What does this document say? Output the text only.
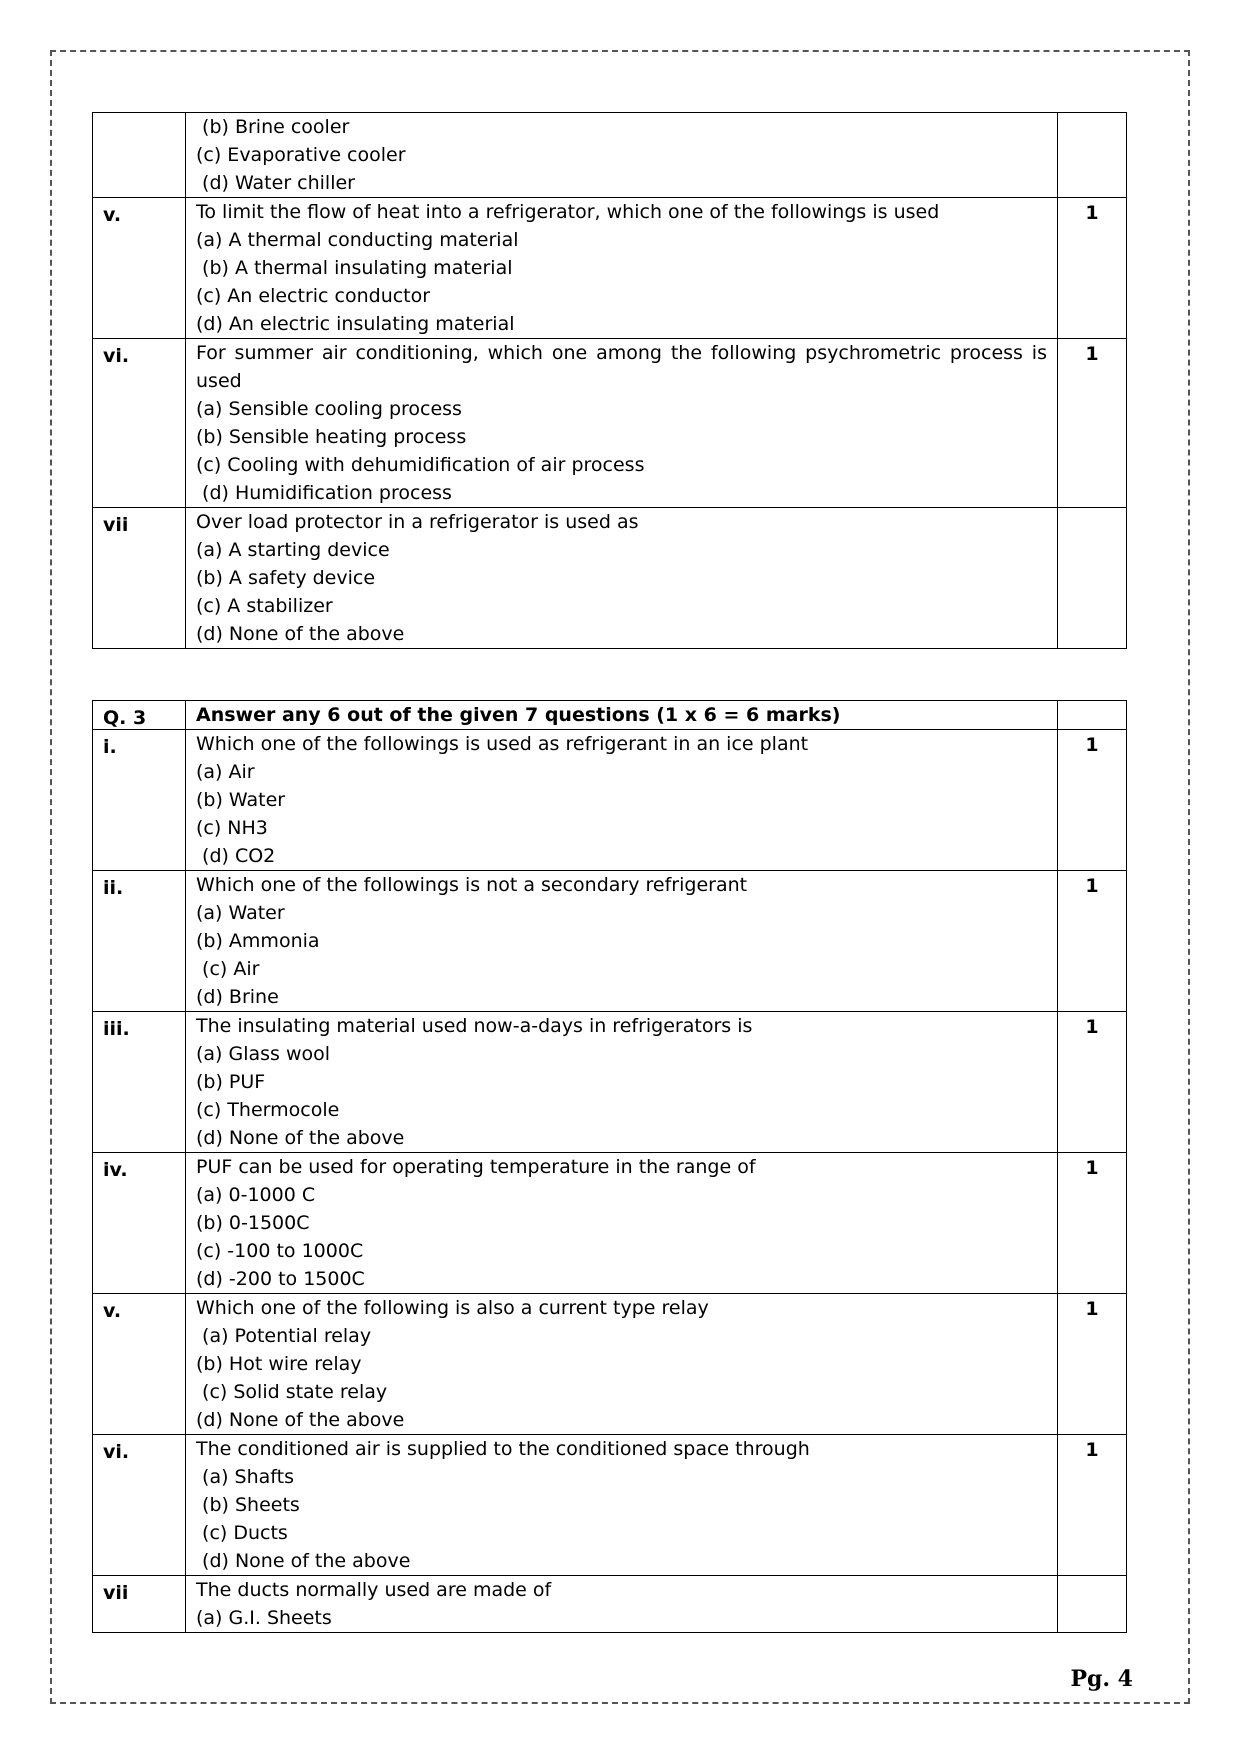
	(b) Brine cooler
(c) Evaporative cooler
(d) Water chiller	

v.	To limit the flow of heat into a refrigerator, which one of the followings is used
(a) A thermal conducting material
(b) A thermal insulating material
(c) An electric conductor
(d) An electric insulating material	1
vi.	For summer air conditioning, which one among the following psychrometric process is used
(a) Sensible cooling process
(b) Sensible heating process
(c) Cooling with dehumidification of air process
(d) Humidification process	1
vii	Over load protector in a refrigerator is used as
(a) A starting device
(b) A safety device
(c) A stabilizer
(d) None of the above	

Q. 3	Answer any 6 out of the given 7 questions (1 x 6 = 6 marks)	
i.	Which one of the followings is used as refrigerant in an ice plant
(a) Air
(b) Water
(c) NH3
(d) CO2	1
ii.	Which one of the followings is not a secondary refrigerant
(a) Water
(b) Ammonia
(c) Air
(d) Brine	1
iii.	The insulating material used now-a-days in refrigerators is
(a) Glass wool
(b) PUF
(c) Thermocole
(d) None of the above	1
iv.	PUF can be used for operating temperature in the range of
(a) 0-1000 C
(b) 0-1500C
(c) -100 to 1000C
(d) -200 to 1500C	1
v.	Which one of the following is also a current type relay
(a) Potential relay
(b) Hot wire relay
(c) Solid state relay
(d) None of the above	1
vi.	The conditioned air is supplied to the conditioned space through
(a) Shafts
(b) Sheets
(c) Ducts
(d) None of the above	1
vii	The ducts normally used are made of
(a) G.I. Sheets	

Pg. 4
